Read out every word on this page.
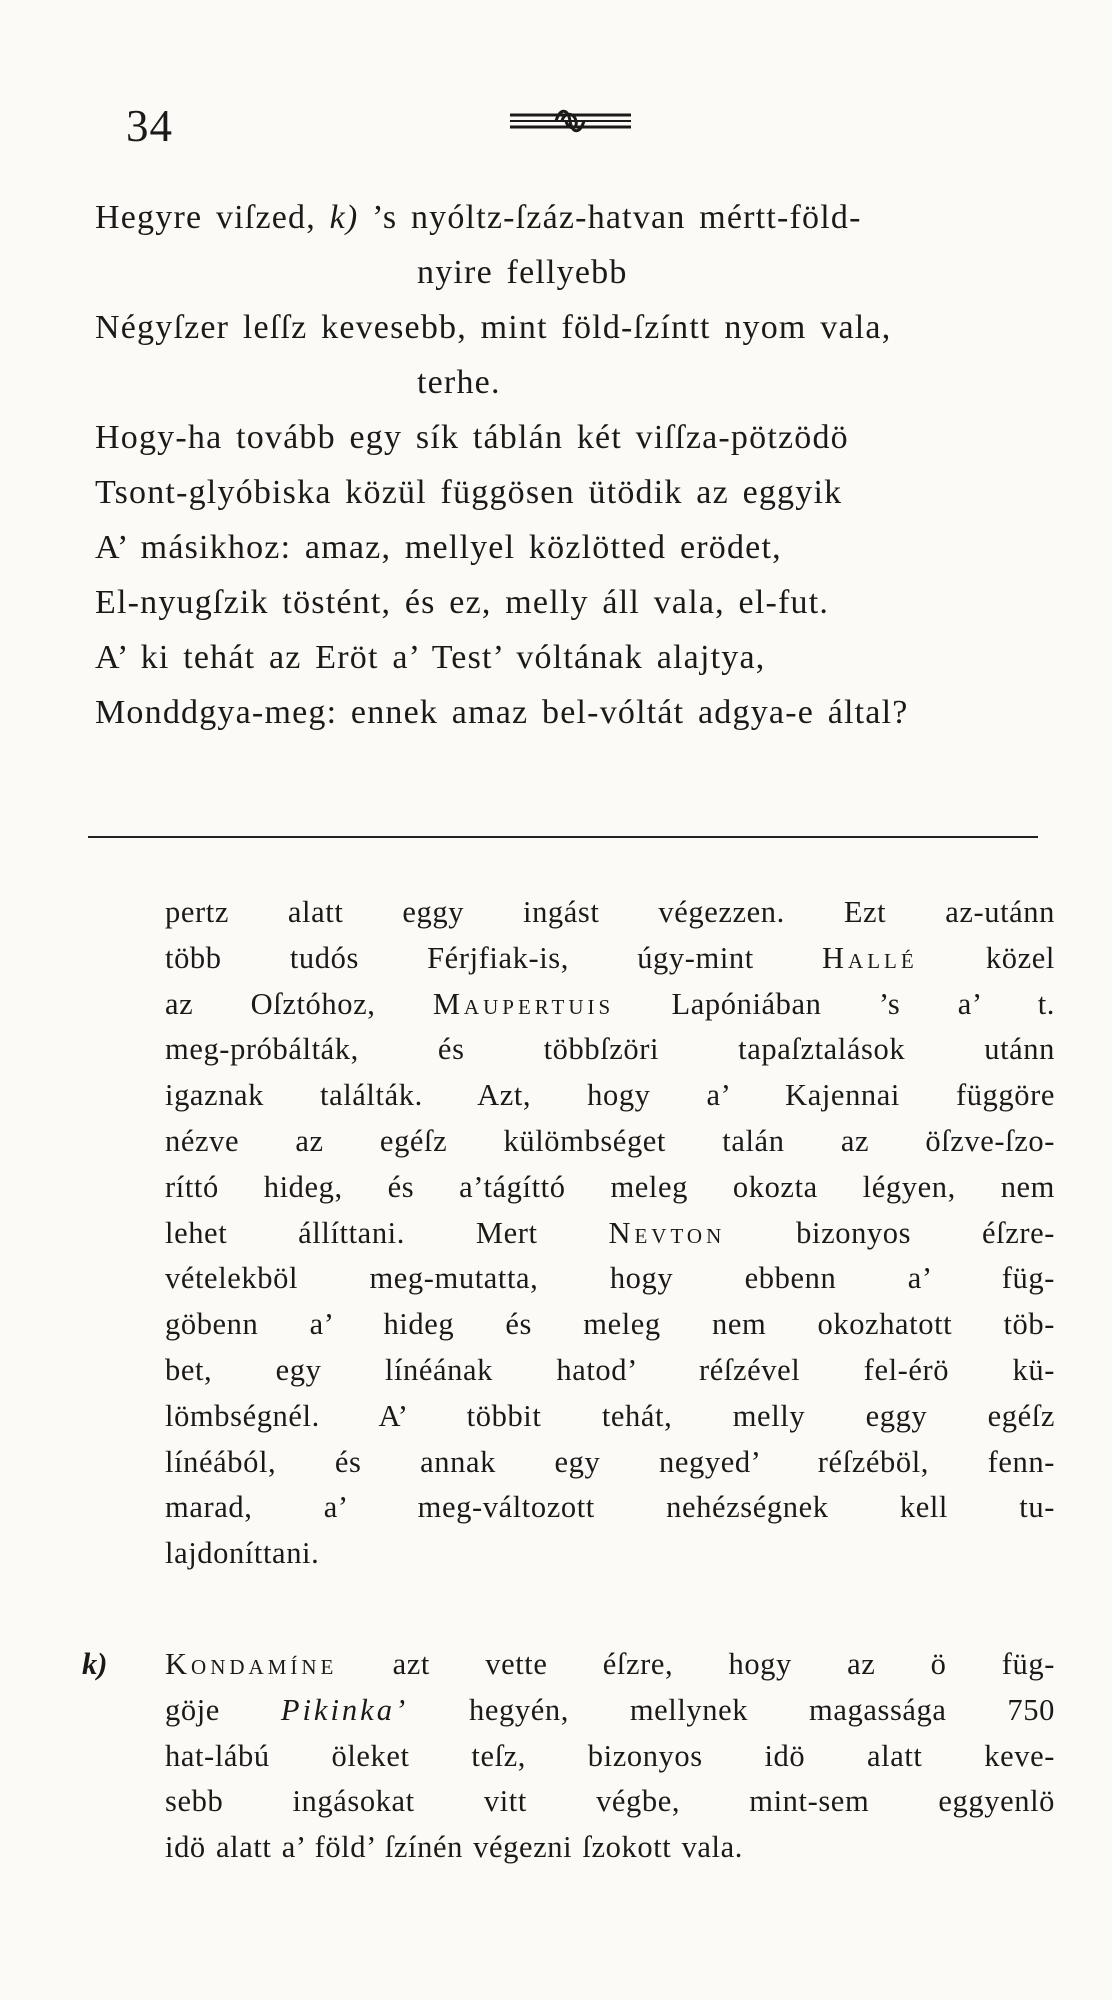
34
Hegyre viſzed, k) ’s nyóltz-ſzáz-hatvan mértt-föld-
nyire fellyebb
Négyſzer leſſz kevesebb, mint föld-ſzíntt nyom vala,
terhe.
Hogy-ha tovább egy sík táblán két viſſza-pötzödö
Tsont-glyóbiska közül függösen ütödik az eggyik
A’ másikhoz: amaz, mellyel közlötted erödet,
El-nyugſzik töstént, és ez, melly áll vala, el-fut.
A’ ki tehát az Eröt a’ Test’ vóltának alajtya,
Monddgya-meg: ennek amaz bel-vóltát adgya-e által?
pertz alatt eggy ingást végezzen. Ezt az-utánn
több tudós Férjfiak-is, úgy-mint Hallé közel
az Oſztóhoz, Maupertuis Lapóniában ’s a’ t.
meg-próbálták, és többſzöri tapaſztalások utánn
igaznak találták. Azt, hogy a’ Kajennai függöre
nézve az egéſz külömbséget talán az öſzve-ſzo-
ríttó hideg, és a’tágíttó meleg okozta légyen, nem
lehet állíttani. Mert Nevton bizonyos éſzre-
vételekböl meg-mutatta, hogy ebbenn a’ füg-
göbenn a’ hideg és meleg nem okozhatott töb-
bet, egy línéának hatod’ réſzével fel-érö kü-
lömbségnél. A’ többit tehát, melly eggy egéſz
línéából, és annak egy negyed’ réſzéböl, fenn-
marad, a’ meg-változott nehézségnek kell tu-
lajdoníttani.
k) Kondamíne azt vette éſzre, hogy az ö füg-
göje Pikinka’ hegyén, mellynek magassága 750
hat-lábú öleket teſz, bizonyos idö alatt keve-
sebb ingásokat vitt végbe, mint-sem eggyenlö
idö alatt a’ föld’ ſzínén végezni ſzokott vala.
